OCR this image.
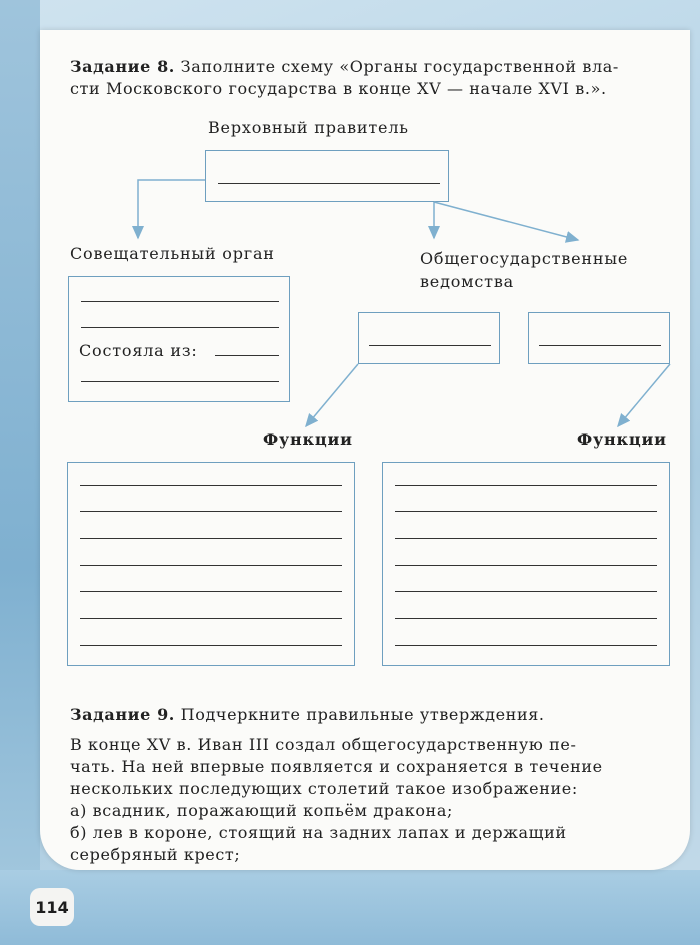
Задание 8. Заполните схему «Органы государственной вла-
сти Московского государства в конце XV — начале XVI в.».
Верховный правитель
Совещательный орган
Состояла из:
Общегосударственные
ведомства
Функции	Функции
Задание 9. Подчеркните правильные утверждения.
В конце XV в. Иван III создал общегосударственную пе-
чать. На ней впервые появляется и сохраняется в течение
нескольких последующих столетий такое изображение:
а) всадник, поражающий копьём дракона;
б) лев в короне, стоящий на задних лапах и держащий
серебряный крест;
114
